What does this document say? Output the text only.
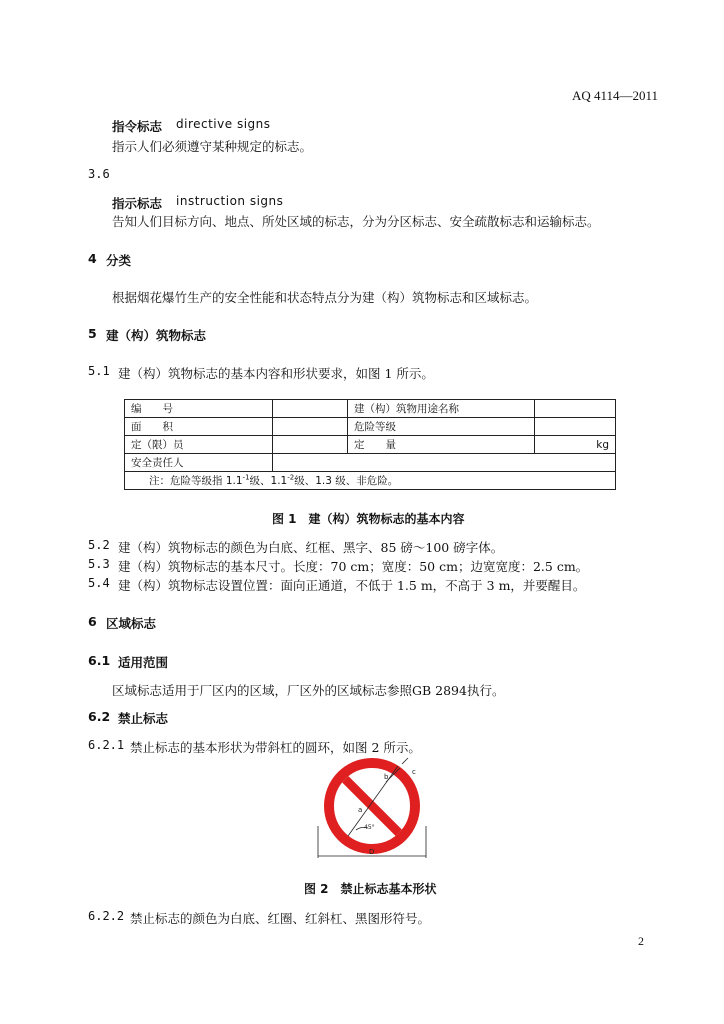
AQ 4114—2011
指令标志 directive signs
指示人们必须遵守某种规定的标志。
3.6
指示标志 instruction signs
告知人们目标方向、地点、所处区域的标志，分为分区标志、安全疏散标志和运输标志。
4 分类
根据烟花爆竹生产的安全性能和状态特点分为建（构）筑物标志和区域标志。
5 建（构）筑物标志
5.1 建（构）筑物标志的基本内容和形状要求，如图 1 所示。
编　　号		建（构）筑物用途名称	
面　　积		危险等级	
定（限）员		定　　量	kg
安全责任人			
注：危险等级指 $1.1^{-1}$级、$1.1^{-2}$级、1.3 级、非危险。			
图 1　建（构）筑物标志的基本内容
5.2 建（构）筑物标志的颜色为白底、红框、黑字、85 磅～100 磅字体。
5.3 建（构）筑物标志的基本尺寸。长度：70 cm；宽度：50 cm；边宽宽度：2.5 cm。
5.4 建（构）筑物标志设置位置：面向正通道，不低于 1.5 m，不高于 3 m，并要醒目。
6 区域标志
6.1 适用范围
区域标志适用于厂区内的区域，厂区外的区域标志参照GB 2894执行。
6.2 禁止标志
6.2.1 禁止标志的基本形状为带斜杠的圆环，如图 2 所示。
a
b
c
45°
D
图 2　禁止标志基本形状
6.2.2 禁止标志的颜色为白底、红圈、红斜杠、黑图形符号。
2
